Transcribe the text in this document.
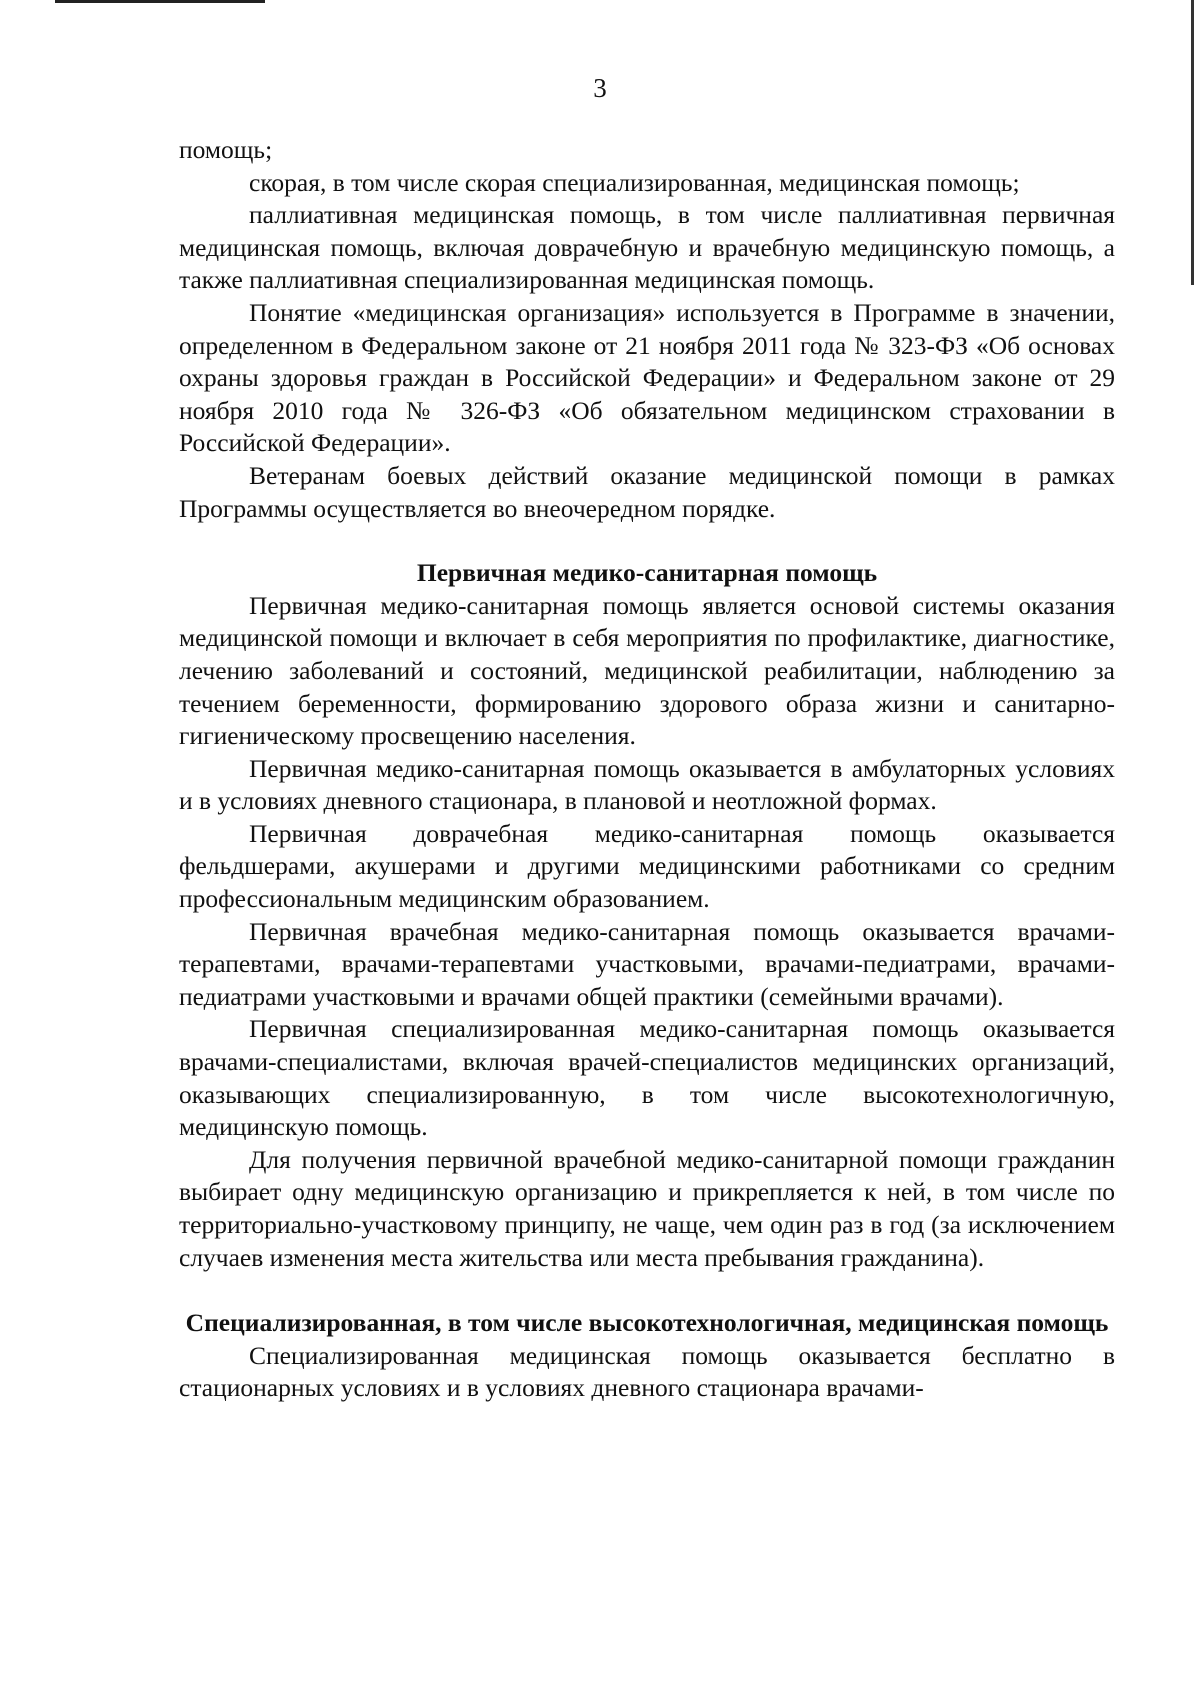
3

помощь;

скорая, в том числе скорая специализированная, медицинская помощь;

паллиативная медицинская помощь, в том числе паллиативная первичная медицинская помощь, включая доврачебную и врачебную медицинскую помощь, а также паллиативная специализированная медицинская помощь.

Понятие «медицинская организация» используется в Программе в значении, определенном в Федеральном законе от 21 ноября 2011 года № 323-ФЗ «Об основах охраны здоровья граждан в Российской Федерации» и Федеральном законе от 29 ноября 2010 года № 326-ФЗ «Об обязательном медицинском страховании в Российской Федерации».

Ветеранам боевых действий оказание медицинской помощи в рамках Программы осуществляется во внеочередном порядке.

Первичная медико-санитарная помощь

Первичная медико-санитарная помощь является основой системы оказания медицинской помощи и включает в себя мероприятия по профилактике, диагностике, лечению заболеваний и состояний, медицинской реабилитации, наблюдению за течением беременности, формированию здорового образа жизни и санитарно-гигиеническому просвещению населения.

Первичная медико-санитарная помощь оказывается в амбулаторных условиях и в условиях дневного стационара, в плановой и неотложной формах.

Первичная доврачебная медико-санитарная помощь оказывается фельдшерами, акушерами и другими медицинскими работниками со средним профессиональным медицинским образованием.

Первичная врачебная медико-санитарная помощь оказывается врачами-терапевтами, врачами-терапевтами участковыми, врачами-педиатрами, врачами-педиатрами участковыми и врачами общей практики (семейными врачами).

Первичная специализированная медико-санитарная помощь оказывается врачами-специалистами, включая врачей-специалистов медицинских организаций, оказывающих специализированную, в том числе высокотехнологичную, медицинскую помощь.

Для получения первичной врачебной медико-санитарной помощи гражданин выбирает одну медицинскую организацию и прикрепляется к ней, в том числе по территориально-участковому принципу, не чаще, чем один раз в год (за исключением случаев изменения места жительства или места пребывания гражданина).

Специализированная, в том числе высокотехнологичная, медицинская помощь

Специализированная медицинская помощь оказывается бесплатно в стационарных условиях и в условиях дневного стационара врачами-
